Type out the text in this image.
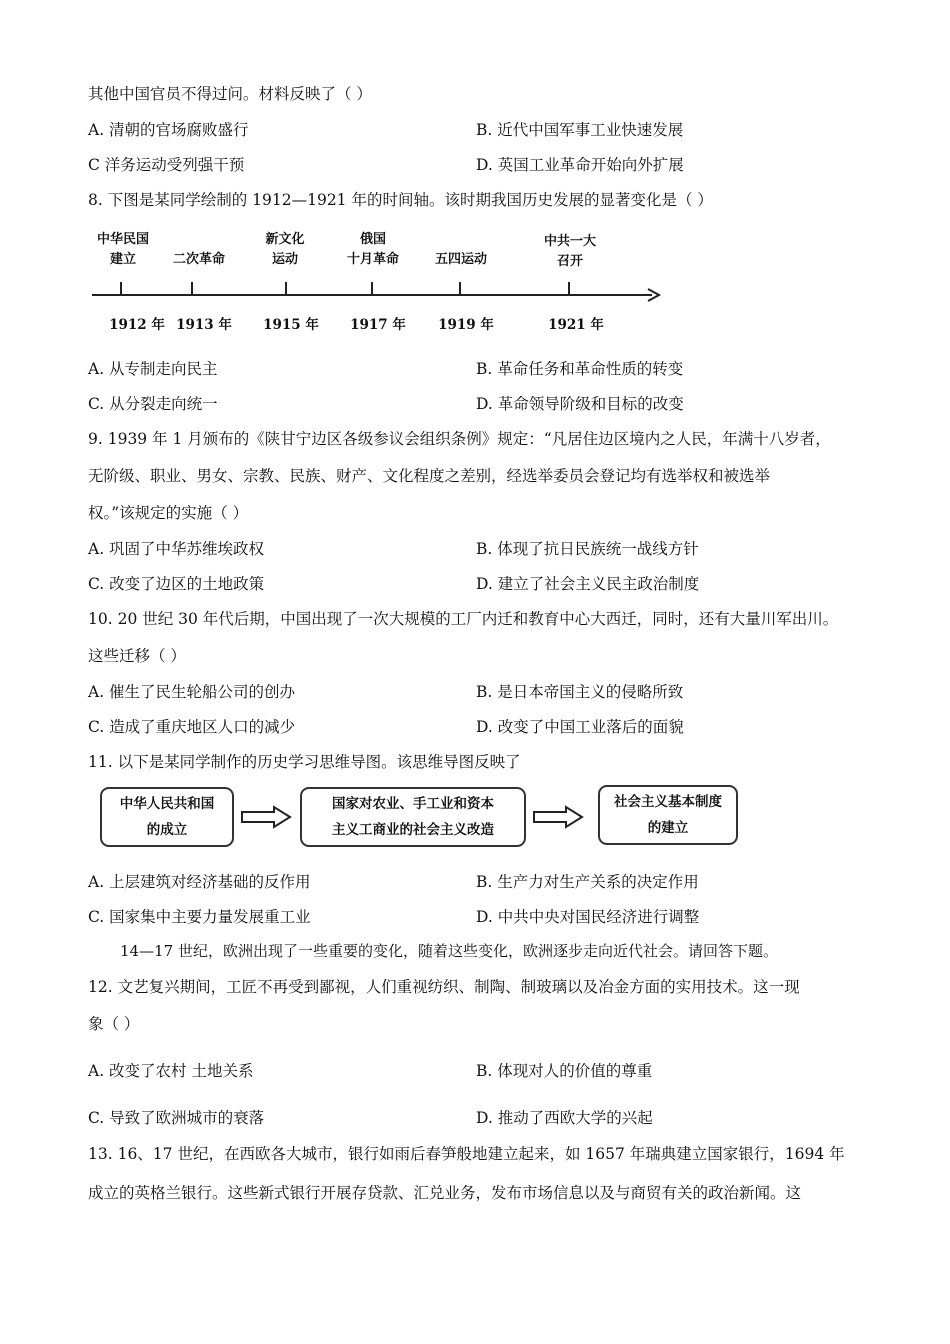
其他中国官员不得过问。材料反映了（ ）
A. 清朝的官场腐败盛行	B. 近代中国军事工业快速发展
C 洋务运动受列强干预	D. 英国工业革命开始向外扩展
8. 下图是某同学绘制的 1912—1921 年的时间轴。该时期我国历史发展的显著变化是（ ）
中华民国
建立	二次革命
新文化
运动
俄国
十月革命	五四运动
中共一大
召开
1912 年 1913 年	1915 年	1917 年	1919 年	1921 年
A. 从专制走向民主	B. 革命任务和革命性质的转变
C. 从分裂走向统一	D. 革命领导阶级和目标的改变
9. 1939 年 1 月颁布的《陕甘宁边区各级参议会组织条例》规定：“凡居住边区境内之人民，年满十八岁者，
无阶级、职业、男女、宗教、民族、财产、文化程度之差别，经选举委员会登记均有选举权和被选举
权。”该规定的实施（ ）
A. 巩固了中华苏维埃政权	B. 体现了抗日民族统一战线方针
C. 改变了边区的土地政策	D. 建立了社会主义民主政治制度
10. 20 世纪 30 年代后期，中国出现了一次大规模的工厂内迁和教育中心大西迁，同时，还有大量川军出川。
这些迁移（ ）
A. 催生了民生轮船公司的创办	B. 是日本帝国主义的侵略所致
C. 造成了重庆地区人口的减少	D. 改变了中国工业落后的面貌
11. 以下是某同学制作的历史学习思维导图。该思维导图反映了
中华人民共和国
的成立
国家对农业、手工业和资本
主义工商业的社会主义改造
社会主义基本制度
的建立
A. 上层建筑对经济基础的反作用	B. 生产力对生产关系的决定作用
C. 国家集中主要力量发展重工业	D. 中共中央对国民经济进行调整
14—17 世纪，欧洲出现了一些重要的变化，随着这些变化，欧洲逐步走向近代社会。请回答下题。
12. 文艺复兴期间，工匠不再受到鄙视，人们重视纺织、制陶、制玻璃以及冶金方面的实用技术。这一现
象（ ）
A. 改变了农村 土地关系	B. 体现对人的价值的尊重
C. 导致了欧洲城市的衰落	D. 推动了西欧大学的兴起
13. 16、17 世纪，在西欧各大城市，银行如雨后春笋般地建立起来，如 1657 年瑞典建立国家银行，1694 年
成立的英格兰银行。这些新式银行开展存贷款、汇兑业务，发布市场信息以及与商贸有关的政治新闻。这
